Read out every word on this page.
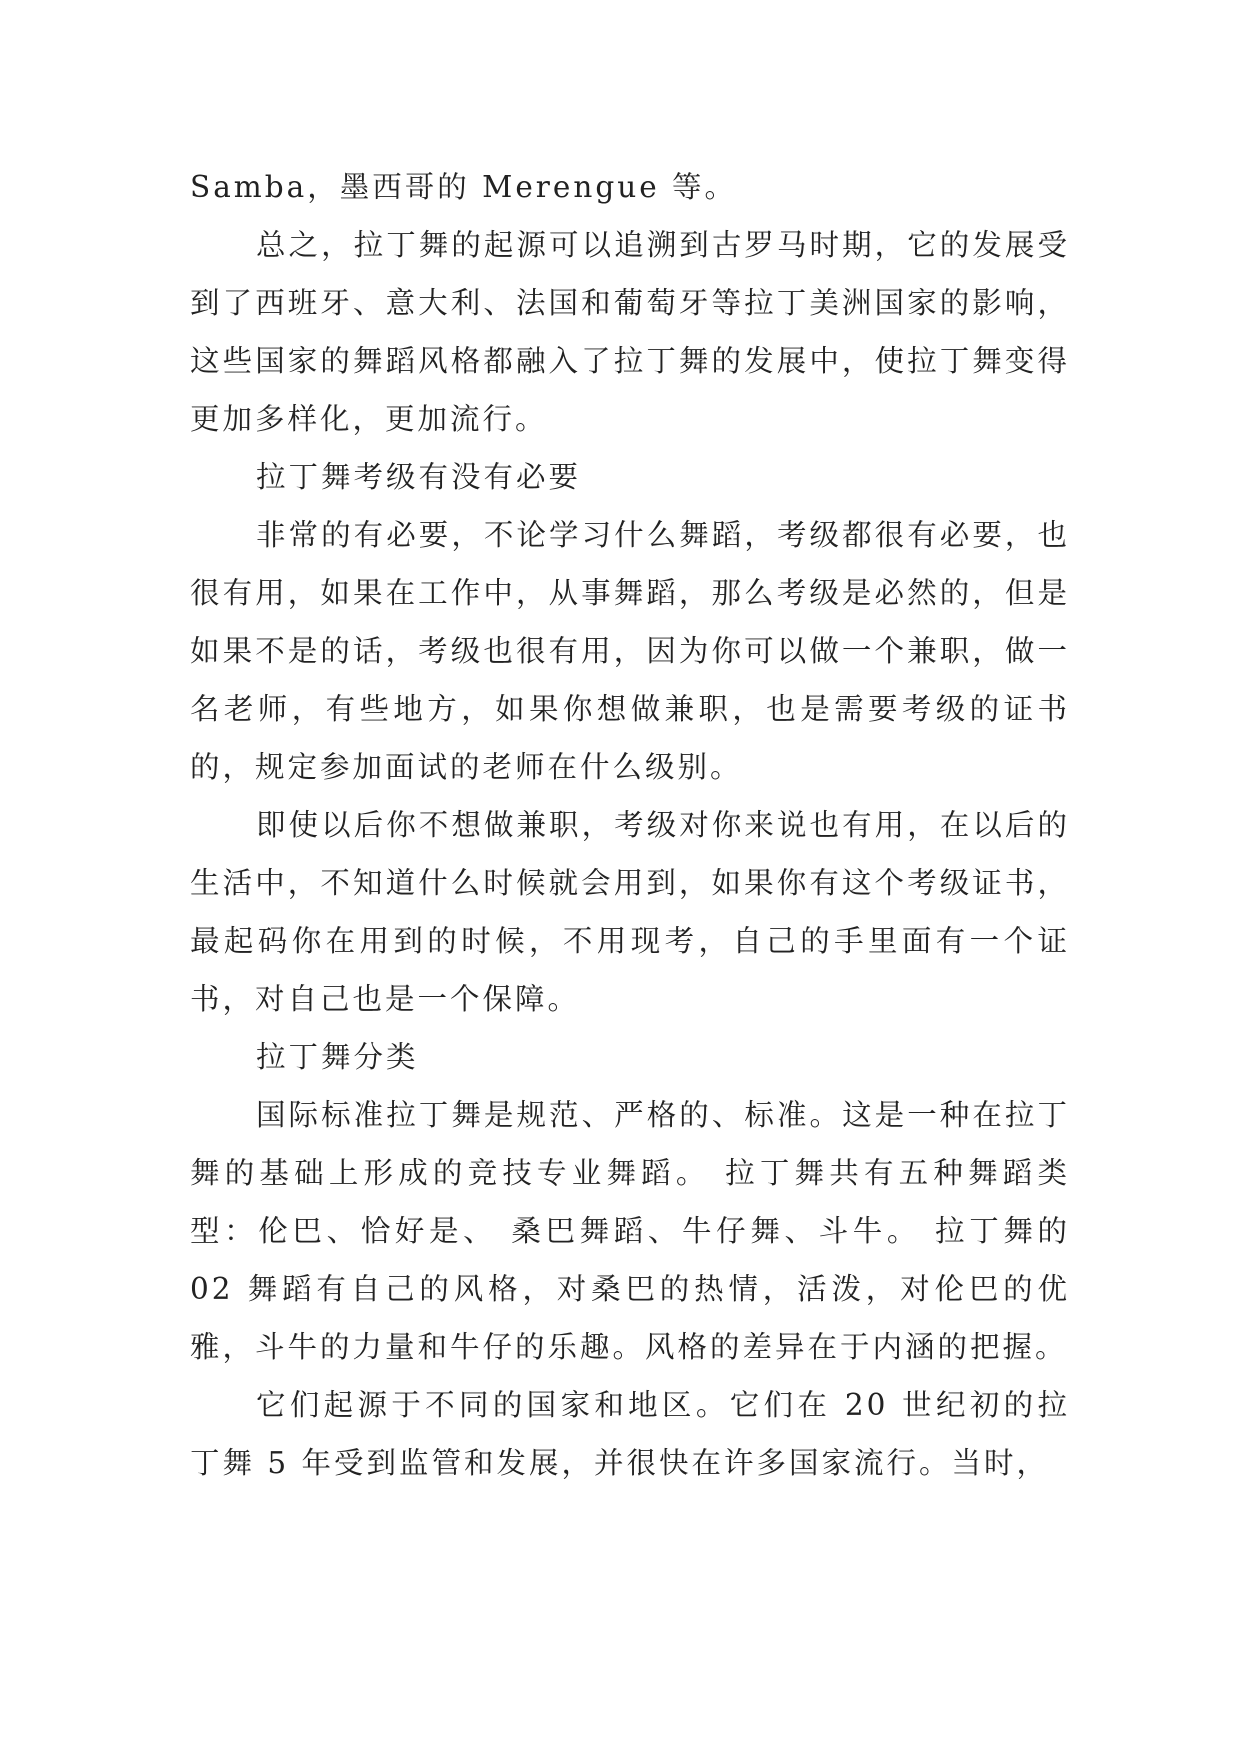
Samba，墨西哥的 Merengue 等。

总之，拉丁舞的起源可以追溯到古罗马时期，它的发展受到了西班牙、意大利、法国和葡萄牙等拉丁美洲国家的影响，这些国家的舞蹈风格都融入了拉丁舞的发展中，使拉丁舞变得更加多样化，更加流行。

拉丁舞考级有没有必要

非常的有必要，不论学习什么舞蹈，考级都很有必要，也很有用，如果在工作中，从事舞蹈，那么考级是必然的，但是如果不是的话，考级也很有用，因为你可以做一个兼职，做一名老师，有些地方，如果你想做兼职，也是需要考级的证书的，规定参加面试的老师在什么级别。

即使以后你不想做兼职，考级对你来说也有用，在以后的生活中，不知道什么时候就会用到，如果你有这个考级证书，最起码你在用到的时候，不用现考，自己的手里面有一个证书，对自己也是一个保障。

拉丁舞分类

国际标准拉丁舞是规范、严格的、标准。这是一种在拉丁舞的基础上形成的竞技专业舞蹈。 拉丁舞共有五种舞蹈类型：伦巴、恰好是、 桑巴舞蹈、牛仔舞、斗牛。 拉丁舞的 02 舞蹈有自己的风格，对桑巴的热情，活泼，对伦巴的优雅，斗牛的力量和牛仔的乐趣。风格的差异在于内涵的把握。

它们起源于不同的国家和地区。它们在 20 世纪初的拉丁舞 5 年受到监管和发展，并很快在许多国家流行。当时，
